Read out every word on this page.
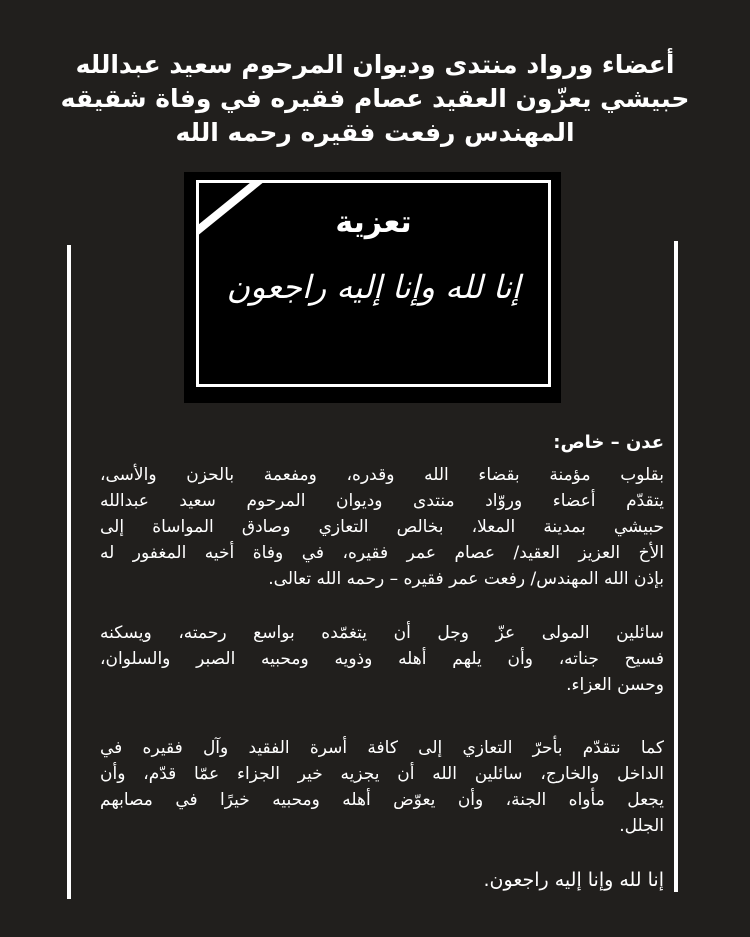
أعضاء ورواد منتدى وديوان المرحوم سعيد عبدالله
حبيشي يعزّون العقيد عصام فقيره في وفاة شقيقه
المهندس رفعت فقيره رحمه الله
تعزية
إنا لله وإنا إليه راجعون
عدن – خاص:
بقلوب مؤمنة بقضاء الله وقدره، ومفعمة بالحزن والأسى،
يتقدّم أعضاء وروّاد منتدى وديوان المرحوم سعيد عبدالله
حبيشي بمدينة المعلا، بخالص التعازي وصادق المواساة إلى
الأخ العزيز العقيد/ عصام عمر فقيره، في وفاة أخيه المغفور له
بإذن الله المهندس/ رفعت عمر فقيره – رحمه الله تعالى.
سائلين المولى عزّ وجل أن يتغمّده بواسع رحمته، ويسكنه
فسيح جناته، وأن يلهم أهله وذويه ومحبيه الصبر والسلوان،
وحسن العزاء.
كما نتقدّم بأحرّ التعازي إلى كافة أسرة الفقيد وآل فقيره في
الداخل والخارج، سائلين الله أن يجزيه خير الجزاء عمّا قدّم، وأن
يجعل مأواه الجنة، وأن يعوّض أهله ومحبيه خيرًا في مصابهم
الجلل.
إنا لله وإنا إليه راجعون.
